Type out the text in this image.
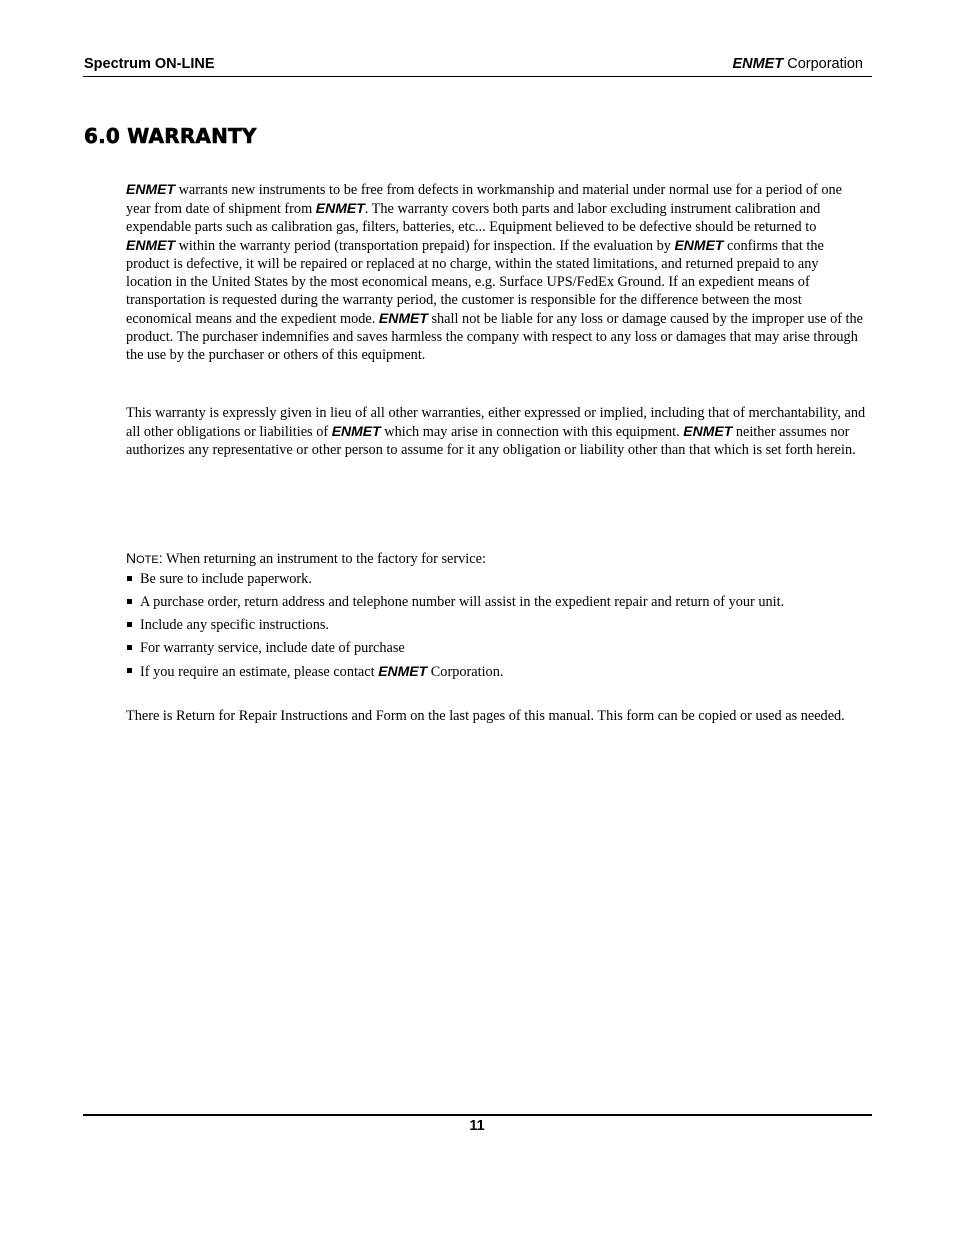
Spectrum ON-LINE	ENMET Corporation
6.0 WARRANTY
ENMET warrants new instruments to be free from defects in workmanship and material under normal use for a period of one year from date of shipment from ENMET. The warranty covers both parts and labor excluding instrument calibration and expendable parts such as calibration gas, filters, batteries, etc... Equipment believed to be defective should be returned to ENMET within the warranty period (transportation prepaid) for inspection. If the evaluation by ENMET confirms that the product is defective, it will be repaired or replaced at no charge, within the stated limitations, and returned prepaid to any location in the United States by the most economical means, e.g. Surface UPS/FedEx Ground. If an expedient means of transportation is requested during the warranty period, the customer is responsible for the difference between the most economical means and the expedient mode. ENMET shall not be liable for any loss or damage caused by the improper use of the product. The purchaser indemnifies and saves harmless the company with respect to any loss or damages that may arise through the use by the purchaser or others of this equipment.
This warranty is expressly given in lieu of all other warranties, either expressed or implied, including that of merchantability, and all other obligations or liabilities of ENMET which may arise in connection with this equipment. ENMET neither assumes nor authorizes any representative or other person to assume for it any obligation or liability other than that which is set forth herein.
NOTE: When returning an instrument to the factory for service:
Be sure to include paperwork.
A purchase order, return address and telephone number will assist in the expedient repair and return of your unit.
Include any specific instructions.
For warranty service, include date of purchase
If you require an estimate, please contact ENMET Corporation.
There is Return for Repair Instructions and Form on the last pages of this manual. This form can be copied or used as needed.
11
